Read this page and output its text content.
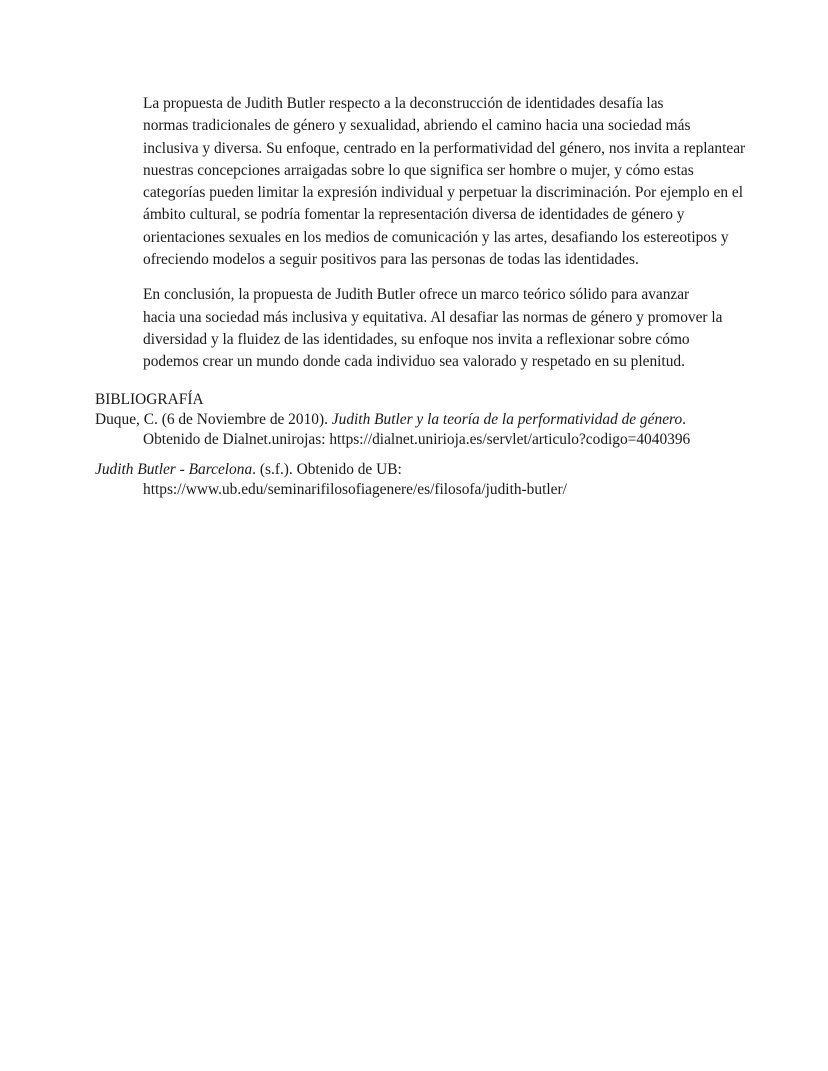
La propuesta de Judith Butler respecto a la deconstrucción de identidades desafía las
normas tradicionales de género y sexualidad, abriendo el camino hacia una sociedad más
inclusiva y diversa. Su enfoque, centrado en la performatividad del género, nos invita a replantear
nuestras concepciones arraigadas sobre lo que significa ser hombre o mujer, y cómo estas
categorías pueden limitar la expresión individual y perpetuar la discriminación. Por ejemplo en el
ámbito cultural, se podría fomentar la representación diversa de identidades de género y
orientaciones sexuales en los medios de comunicación y las artes, desafiando los estereotipos y
ofreciendo modelos a seguir positivos para las personas de todas las identidades.
En conclusión, la propuesta de Judith Butler ofrece un marco teórico sólido para avanzar
hacia una sociedad más inclusiva y equitativa. Al desafiar las normas de género y promover la
diversidad y la fluidez de las identidades, su enfoque nos invita a reflexionar sobre cómo
podemos crear un mundo donde cada individuo sea valorado y respetado en su plenitud.
BIBLIOGRAFÍA
Duque, C. (6 de Noviembre de 2010). Judith Butler y la teoría de la performatividad de género.
Obtenido de Dialnet.unirojas: https://dialnet.unirioja.es/servlet/articulo?codigo=4040396
Judith Butler - Barcelona. (s.f.). Obtenido de UB:
https://www.ub.edu/seminarifilosofiagenere/es/filosofa/judith-butler/
